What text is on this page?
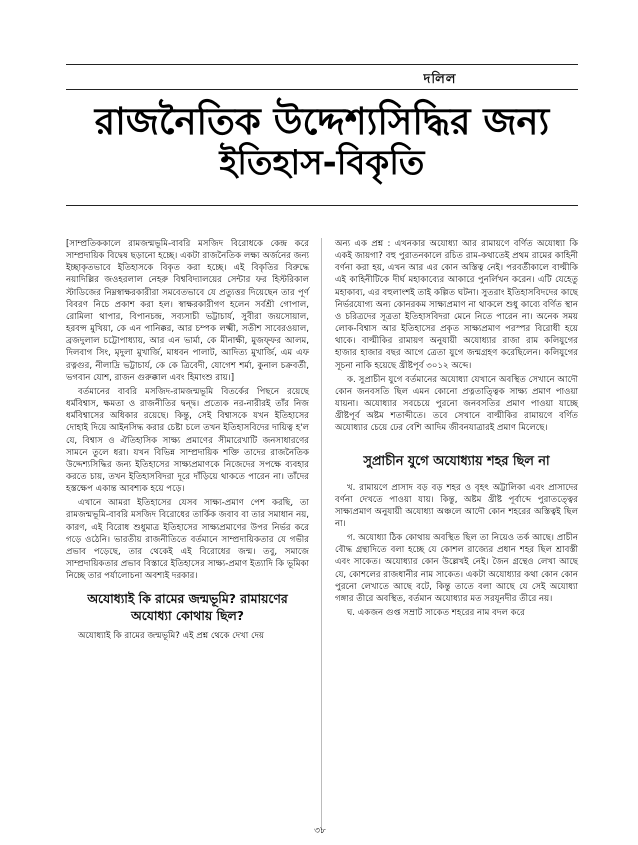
দলিল
রাজনৈতিক উদ্দেশ্যসিদ্ধির জন্য
ইতিহাস-বিকৃতি

[সাম্প্রতিককালে রামজন্মভূমি-বাবরি মসজিদ বিরোধকে কেন্দ্র করে সাম্প্রদায়িক বিদ্বেষ ছড়ানো হচ্ছে। একটা রাজনৈতিক লক্ষ্য অর্জনের জন্য ইচ্ছাকৃতভাবে ইতিহাসকে বিকৃত করা হচ্ছে। এই বিকৃতির বিরুদ্ধে নয়াদিল্লির জওহরলাল নেহরু বিশ্ববিদ্যালয়ের সেন্টার ফর হিস্টরিকাল স্টাডিজের নিম্নস্বাক্ষরকারীরা সমবেতভাবে যে প্রত্যুত্তর দিয়েছেন তার পূর্ণ বিবরণ নিচে প্রকাশ করা হল। স্বাক্ষরকারীগণ হলেন সর্বশ্রী গোপাল, রোমিলা থাপার, বিপানচন্দ্র, সব্যসাচী ভট্টাচার্য, সুবীরা জয়সোয়াল, হরবন্স মুখিয়া, কে এন পানিক্কর, আর চম্পক লক্ষ্মী, সতীশ সাবেরওয়াল, ব্রজদুলাল চট্টোপাধ্যায়, আর এন ভার্মা, কে মীনাক্ষী, মুজফ্ফর আলম, দিলবাগ সিং, মৃদুলা মুখার্জি, মাধবন পালাট, আদিত্য মুখার্জি, এম এফ রত্নগুর, নীলাদ্রি ভট্টাচার্য, কে কে ত্রিবেদী, যোগেশ শর্মা, কুনাল চক্রবর্তী, ভগবান যোশ, রাজন গুরুক্কাল এবং হিমাংশু রায়।]

বর্তমানের বাবরি মসজিদ-রামজন্মভূমি বিতর্কের পিছনে রয়েছে ধর্মবিশ্বাস, ক্ষমতা ও রাজনীতির দ্বন্দ্ব। প্রত্যেক নর-নারীরই তাঁর নিজ ধর্মবিশ্বাসের অধিকার রয়েছে। কিন্তু, সেই বিশ্বাসকে যখন ইতিহাসের দোহাই দিয়ে আইনসিদ্ধ করার চেষ্টা চলে তখন ইতিহাসবিদের দায়িত্ব হ'ল যে, বিশ্বাস ও ঐতিহাসিক সাক্ষ্য প্রমাণের সীমারেখাটি জনসাধারণের সামনে তুলে ধরা। যখন বিভিন্ন সাম্প্রদায়িক শক্তি তাদের রাজনৈতিক উদ্দেশ্যসিদ্ধির জন্য ইতিহাসের সাক্ষ্যপ্রমাণকে নিজেদের সপক্ষে ব্যবহার করতে চায়, তখন ইতিহাসবিদরা দূরে দাঁড়িয়ে থাকতে পারেন না। তাঁদের হস্তক্ষেপ একান্ত আবশ্যক হয়ে পড়ে।

এখানে আমরা ইতিহাসের যেসব সাক্ষ্য-প্রমাণ পেশ করছি, তা রামজন্মভূমি-বাবরি মসজিদ বিরোধের তার্কিক জবাব বা তার সমাধান নয়, কারণ, এই বিরোধ শুধুমাত্র ইতিহাসের সাক্ষ্যপ্রমাণের উপর নির্ভর করে গড়ে ওঠেনি। ভারতীয় রাজনীতিতে বর্তমানে সাম্প্রদায়িকতার যে গভীর প্রভাব পড়েছে, তার থেকেই এই বিরোধের জন্ম। তবু, সমাজে সাম্প্রদায়িকতার প্রভাব বিস্তারে ইতিহাসের সাক্ষ্য-প্রমাণ ইত্যাদি কি ভূমিকা নিচ্ছে তার পর্যালোচনা অবশ্যই দরকার।

অযোধ্যাই কি রামের জন্মভূমি? রামায়ণের অযোধ্যা কোথায় ছিল?

অযোধ্যাই কি রামের জন্মভূমি? এই প্রশ্ন থেকে দেখা দেয়

অন্য এক প্রশ্ন : এখনকার অযোধ্যা আর রামায়ণে বর্ণিত অযোধ্যা কি একই জায়গা? বহু পুরাতনকালে রচিত রাম-কথাতেই প্রথম রামের কাহিনী বর্ণনা করা হয়, এখন আর এর কোন অস্তিত্ব নেই। পরবর্তীকালে বাল্মীকি এই কাহিনীটিকে দীর্ঘ মহাকাব্যের আকারে পুনর্লিখন করেন। এটি যেহেতু মহাকাব্য, এর বহুলাংশই তাই কল্পিত ঘটনা। সুতরাং ইতিহাসবিদদের কাছে নির্ভরযোগ্য অন্য কোনরকম সাক্ষ্যপ্রমাণ না থাকলে শুধু কাব্যে বর্ণিত স্থান ও চরিত্রদের সূত্রতা ইতিহাসবিদরা মেনে নিতে পারেন না। অনেক সময় লোক-বিশ্বাস আর ইতিহাসের প্রকৃত সাক্ষ্যপ্রমাণ পরস্পর বিরোধী হয়ে থাকে। বাল্মীকির রামায়ণ অনুযায়ী অযোধ্যার রাজা রাম কলিযুগের হাজার হাজার বছর আগে ত্রেতা যুগে জন্মগ্রহণ করেছিলেন। কলিযুগের সূচনা নাকি হয়েছে খ্রীষ্টপূর্ব ৩০১২ অব্দে।

ক. সুপ্রাচীন যুগে বর্তমানের অযোধ্যা যেখানে অবস্থিত সেখানে আদৌ কোন জনবসতি ছিল এমন কোনো প্রত্নতাত্ত্বিক সাক্ষ্য প্রমাণ পাওয়া যায়না। অযোধ্যার সবচেয়ে পুরনো জনবসতির প্রমাণ পাওয়া যাচ্ছে খ্রীষ্টপূর্ব অষ্টম শতাব্দীতে। তবে সেখানে বাল্মীকির রামায়ণে বর্ণিত অযোধ্যার চেয়ে ঢের বেশি আদিম জীবনযাত্রারই প্রমাণ মিলেছে।

সুপ্রাচীন যুগে অযোধ্যায় শহর ছিল না

খ. রামায়ণে প্রাসাদ বড় বড় শহর ও বৃহৎ অট্টালিকা এবং প্রাসাদের বর্ণনা দেখতে পাওয়া যায়। কিন্তু, অষ্টম খ্রীষ্ট পূর্বাব্দে পুরাতত্ত্বের সাক্ষ্যপ্রমাণ অনুযায়ী অযোধ্যা অঞ্চলে আদৌ কোন শহরের অস্তিত্বই ছিল না।

গ. অযোধ্যা ঠিক কোথায় অবস্থিত ছিল তা নিয়েও তর্ক আছে। প্রাচীন বৌদ্ধ গ্রন্থাদিতে বলা হচ্ছে যে কোশল রাজ্যের প্রধান শহর ছিল শ্রাবস্তী এবং সাকেত। অযোধ্যার কোন উল্লেখই নেই। জৈন গ্রন্থেও লেখা আছে যে, কোশলের রাজধানীর নাম সাকেত। একটা অযোধ্যার কথা কোন কোন পুরনো লেখাতে আছে বটে, কিন্তু তাতে বলা আছে যে সেই অযোধ্যা গঙ্গার তীরে অবস্থিত, বর্তমান অযোধ্যার মত সরযূনদীর তীরে নয়।

ঘ. একজন গুপ্ত সম্রাট সাকেত শহরের নাম বদল করে

৩৮
